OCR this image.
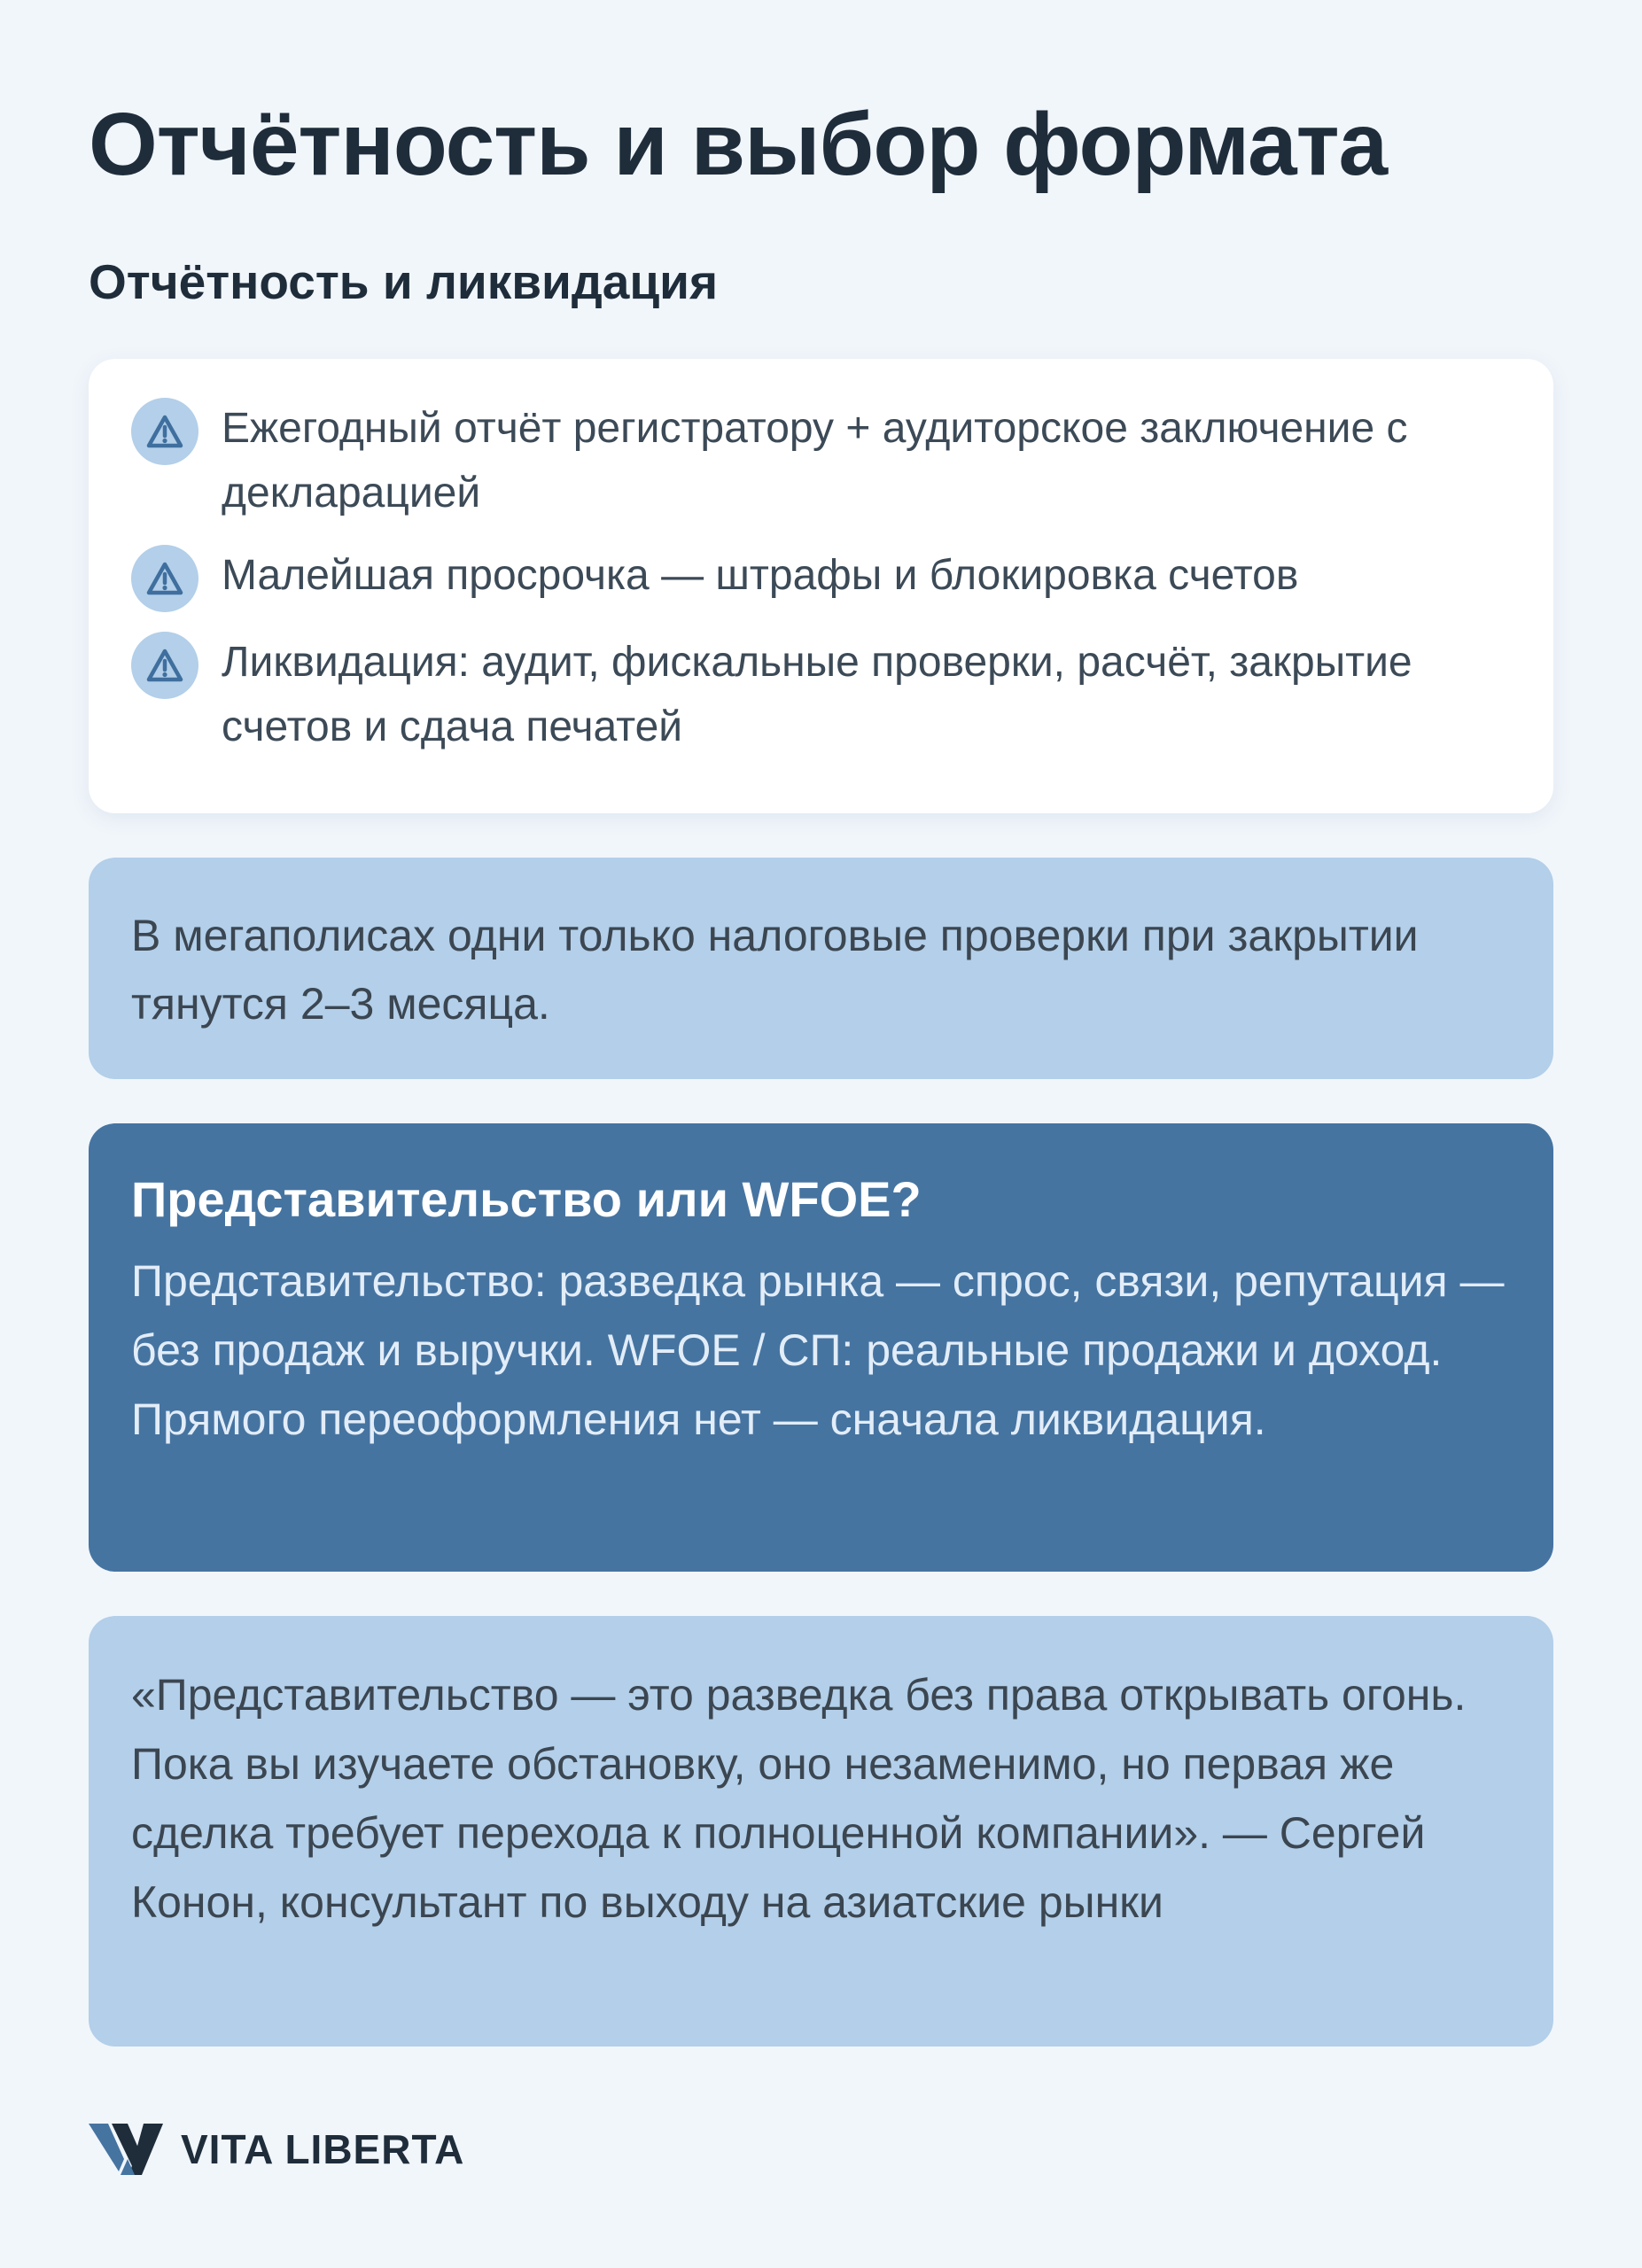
Отчётность и выбор формата
Отчётность и ликвидация
Ежегодный отчёт регистратору + аудиторское заключение с декларацией
Малейшая просрочка — штрафы и блокировка счетов
Ликвидация: аудит, фискальные проверки, расчёт, закрытие счетов и сдача печатей
В мегаполисах одни только налоговые проверки при закрытии тянутся 2–3 месяца.
Представительство или WFOE?
Представительство: разведка рынка — спрос, связи, репутация — без продаж и выручки. WFOE / СП: реальные продажи и доход. Прямого переоформления нет — сначала ликвидация.
«Представительство — это разведка без права открывать огонь. Пока вы изучаете обстановку, оно незаменимо, но первая же сделка требует перехода к полноценной компании». — Сергей Конон, консультант по выходу на азиатские рынки
VITA LIBERTA
